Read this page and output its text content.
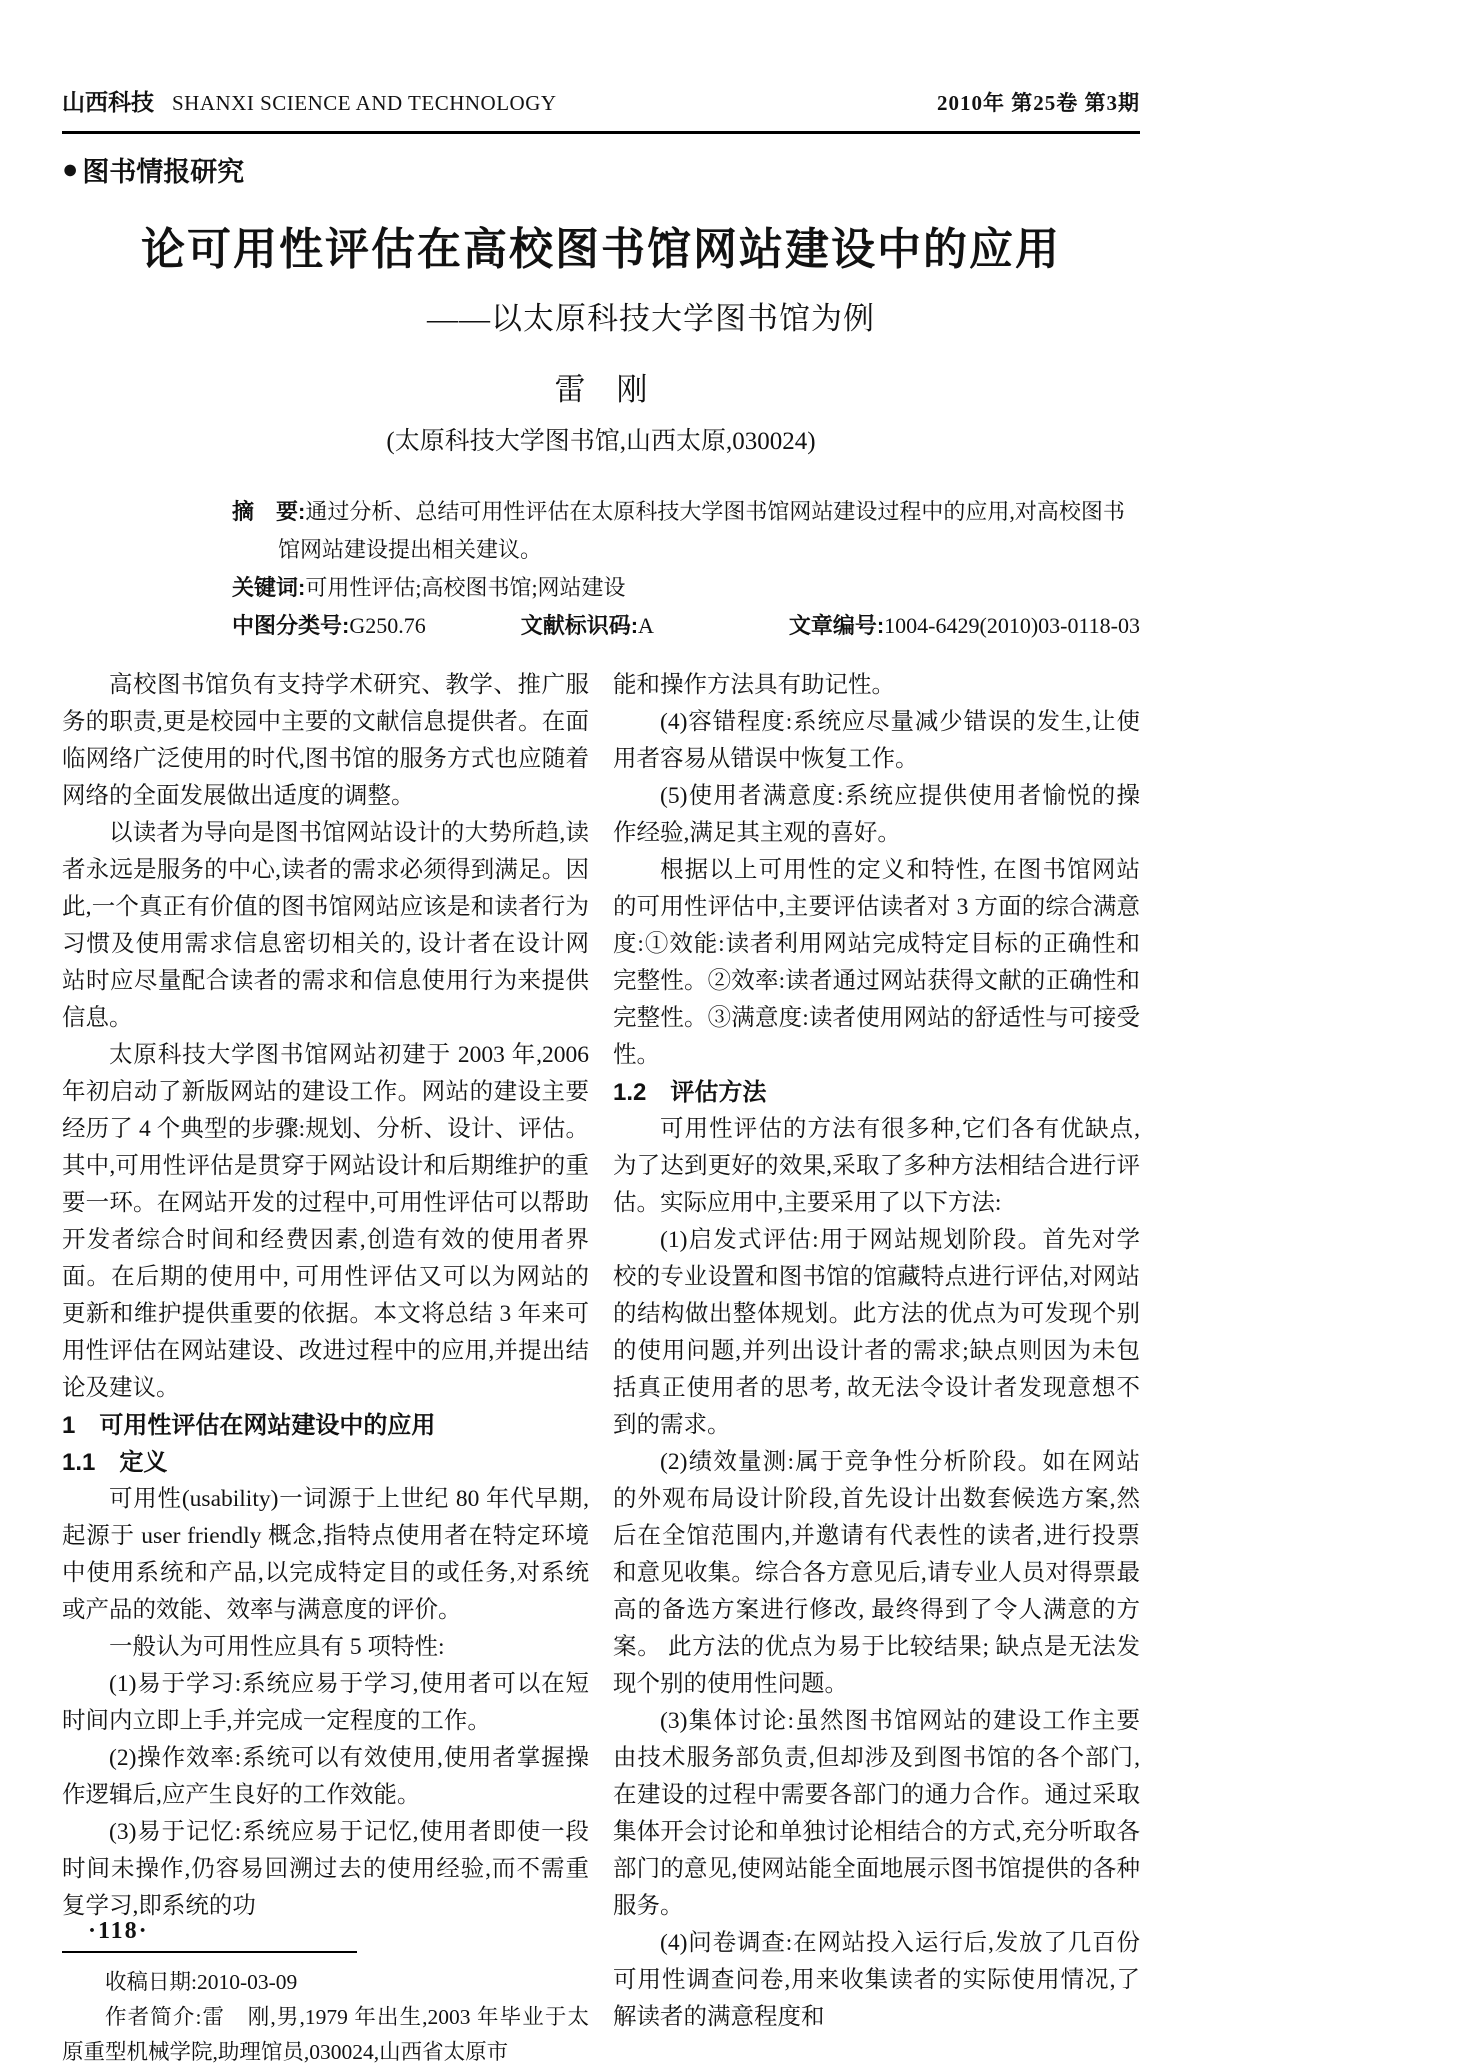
山西科技 SHANXI SCIENCE AND TECHNOLOGY	2010年 第25卷 第3期
● 图书情报研究
论可用性评估在高校图书馆网站建设中的应用
——以太原科技大学图书馆为例
雷　刚
(太原科技大学图书馆,山西太原,030024)

摘　要:通过分析、总结可用性评估在太原科技大学图书馆网站建设过程中的应用,对高校图书馆网站建设提出相关建议。

关键词:可用性评估;高校图书馆;网站建设

中图分类号:G250.76	文献标识码:A	文章编号:1004-6429(2010)03-0118-03

高校图书馆负有支持学术研究、教学、推广服务的职责,更是校园中主要的文献信息提供者。在面临网络广泛使用的时代,图书馆的服务方式也应随着网络的全面发展做出适度的调整。

以读者为导向是图书馆网站设计的大势所趋,读者永远是服务的中心,读者的需求必须得到满足。因此,一个真正有价值的图书馆网站应该是和读者行为习惯及使用需求信息密切相关的, 设计者在设计网站时应尽量配合读者的需求和信息使用行为来提供信息。

太原科技大学图书馆网站初建于 2003 年,2006 年初启动了新版网站的建设工作。网站的建设主要经历了 4 个典型的步骤:规划、分析、设计、评估。其中,可用性评估是贯穿于网站设计和后期维护的重要一环。在网站开发的过程中,可用性评估可以帮助开发者综合时间和经费因素,创造有效的使用者界面。在后期的使用中, 可用性评估又可以为网站的更新和维护提供重要的依据。本文将总结 3 年来可用性评估在网站建设、改进过程中的应用,并提出结论及建议。

1　可用性评估在网站建设中的应用

1.1　定义

可用性(usability)一词源于上世纪 80 年代早期,起源于 user friendly 概念,指特点使用者在特定环境中使用系统和产品,以完成特定目的或任务,对系统或产品的效能、效率与满意度的评价。

一般认为可用性应具有 5 项特性:

(1)易于学习:系统应易于学习,使用者可以在短时间内立即上手,并完成一定程度的工作。

(2)操作效率:系统可以有效使用,使用者掌握操作逻辑后,应产生良好的工作效能。

(3)易于记忆:系统应易于记忆,使用者即使一段时间未操作,仍容易回溯过去的使用经验,而不需重复学习,即系统的功

收稿日期:2010-03-09

作者简介:雷　刚,男,1979 年出生,2003 年毕业于太原重型机械学院,助理馆员,030024,山西省太原市

能和操作方法具有助记性。

(4)容错程度:系统应尽量减少错误的发生,让使用者容易从错误中恢复工作。

(5)使用者满意度:系统应提供使用者愉悦的操作经验,满足其主观的喜好。

根据以上可用性的定义和特性, 在图书馆网站的可用性评估中,主要评估读者对 3 方面的综合满意度:①效能:读者利用网站完成特定目标的正确性和完整性。②效率:读者通过网站获得文献的正确性和完整性。③满意度:读者使用网站的舒适性与可接受性。

1.2　评估方法

可用性评估的方法有很多种,它们各有优缺点,为了达到更好的效果,采取了多种方法相结合进行评估。实际应用中,主要采用了以下方法:

(1)启发式评估:用于网站规划阶段。首先对学校的专业设置和图书馆的馆藏特点进行评估,对网站的结构做出整体规划。此方法的优点为可发现个别的使用问题,并列出设计者的需求;缺点则因为未包括真正使用者的思考, 故无法令设计者发现意想不到的需求。

(2)绩效量测:属于竞争性分析阶段。如在网站的外观布局设计阶段,首先设计出数套候选方案,然后在全馆范围内,并邀请有代表性的读者,进行投票和意见收集。综合各方意见后,请专业人员对得票最高的备选方案进行修改, 最终得到了令人满意的方案。 此方法的优点为易于比较结果; 缺点是无法发现个别的使用性问题。

(3)集体讨论:虽然图书馆网站的建设工作主要由技术服务部负责,但却涉及到图书馆的各个部门,在建设的过程中需要各部门的通力合作。通过采取集体开会讨论和单独讨论相结合的方式,充分听取各部门的意见,使网站能全面地展示图书馆提供的各种服务。

(4)问卷调查:在网站投入运行后,发放了几百份可用性调查问卷,用来收集读者的实际使用情况,了解读者的满意程度和

·118·
